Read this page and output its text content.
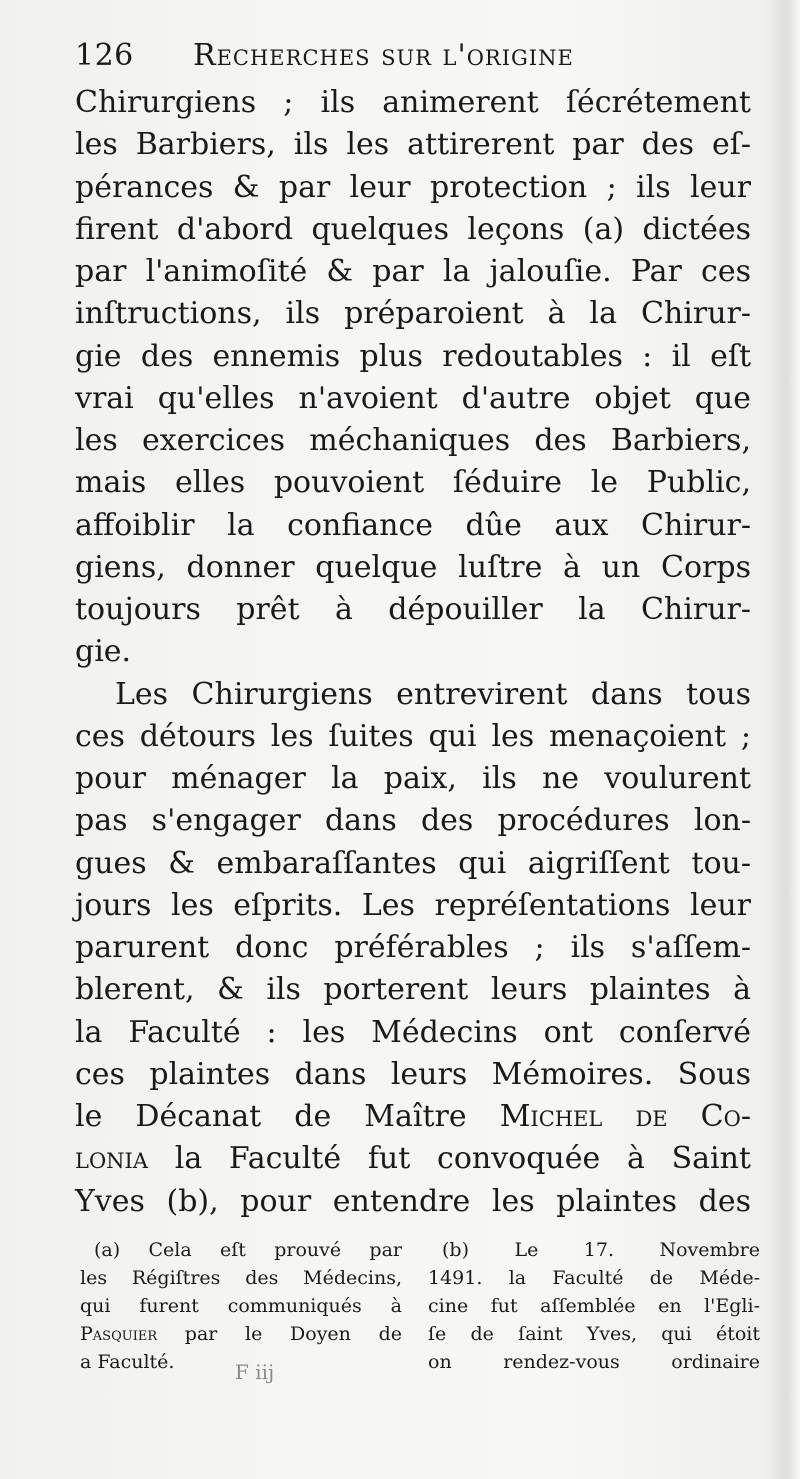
126 Recherches sur l'origine
Chirurgiens ; ils animerent ſécrétement
les Barbiers, ils les attirerent par des eſ-
pérances & par leur protection ; ils leur
firent d'abord quelques leçons (a) dictées
par l'animoſité & par la jalouſie. Par ces
inſtructions, ils préparoient à la Chirur-
gie des ennemis plus redoutables : il eſt
vrai qu'elles n'avoient d'autre objet que
les exercices méchaniques des Barbiers,
mais elles pouvoient ſéduire le Public,
affoiblir la confiance dûe aux Chirur-
giens, donner quelque luſtre à un Corps
toujours prêt à dépouiller la Chirur-
gie.
Les Chirurgiens entrevirent dans tous
ces détours les ſuites qui les menaçoient ;
pour ménager la paix, ils ne voulurent
pas s'engager dans des procédures lon-
gues & embaraſſantes qui aigriſſent tou-
jours les eſprits. Les repréſentations leur
parurent donc préférables ; ils s'aſſem-
blerent, & ils porterent leurs plaintes à
la Faculté : les Médecins ont conſervé
ces plaintes dans leurs Mémoires. Sous
le Décanat de Maître Michel de Co-
lonia la Faculté fut convoquée à Saint
Yves (b), pour entendre les plaintes des
(a) Cela eſt prouvé par
les Régiſtres des Médecins,
qui furent communiqués à
Pasquier par le Doyen de
a Faculté.
(b) Le 17. Novembre
1491. la Faculté de Méde-
cine fut aſſemblée en l'Egli-
ſe de ſaint Yves, qui étoit
on rendez-vous ordinaire
F iij
